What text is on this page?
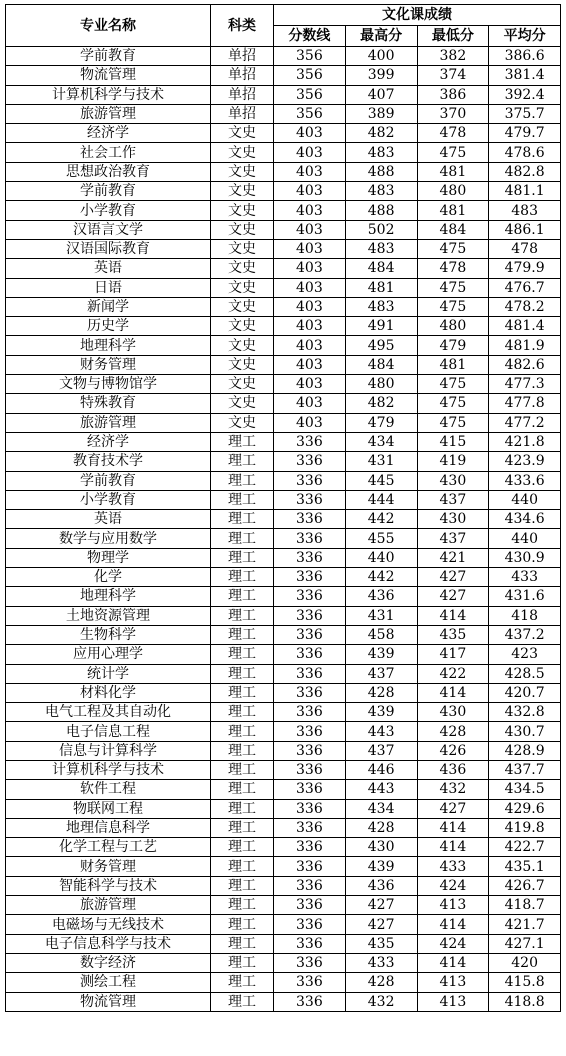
专业名称	科类	文化课成绩			
		分数线	最高分	最低分	平均分
学前教育	单招	356	400	382	386.6
物流管理	单招	356	399	374	381.4
计算机科学与技术	单招	356	407	386	392.4
旅游管理	单招	356	389	370	375.7
经济学	文史	403	482	478	479.7
社会工作	文史	403	483	475	478.6
思想政治教育	文史	403	488	481	482.8
学前教育	文史	403	483	480	481.1
小学教育	文史	403	488	481	483
汉语言文学	文史	403	502	484	486.1
汉语国际教育	文史	403	483	475	478
英语	文史	403	484	478	479.9
日语	文史	403	481	475	476.7
新闻学	文史	403	483	475	478.2
历史学	文史	403	491	480	481.4
地理科学	文史	403	495	479	481.9
财务管理	文史	403	484	481	482.6
文物与博物馆学	文史	403	480	475	477.3
特殊教育	文史	403	482	475	477.8
旅游管理	文史	403	479	475	477.2
经济学	理工	336	434	415	421.8
教育技术学	理工	336	431	419	423.9
学前教育	理工	336	445	430	433.6
小学教育	理工	336	444	437	440
英语	理工	336	442	430	434.6
数学与应用数学	理工	336	455	437	440
物理学	理工	336	440	421	430.9
化学	理工	336	442	427	433
地理科学	理工	336	436	427	431.6
土地资源管理	理工	336	431	414	418
生物科学	理工	336	458	435	437.2
应用心理学	理工	336	439	417	423
统计学	理工	336	437	422	428.5
材料化学	理工	336	428	414	420.7
电气工程及其自动化	理工	336	439	430	432.8
电子信息工程	理工	336	443	428	430.7
信息与计算科学	理工	336	437	426	428.9
计算机科学与技术	理工	336	446	436	437.7
软件工程	理工	336	443	432	434.5
物联网工程	理工	336	434	427	429.6
地理信息科学	理工	336	428	414	419.8
化学工程与工艺	理工	336	430	414	422.7
财务管理	理工	336	439	433	435.1
智能科学与技术	理工	336	436	424	426.7
旅游管理	理工	336	427	413	418.7
电磁场与无线技术	理工	336	427	414	421.7
电子信息科学与技术	理工	336	435	424	427.1
数字经济	理工	336	433	414	420
测绘工程	理工	336	428	413	415.8
物流管理	理工	336	432	413	418.8
